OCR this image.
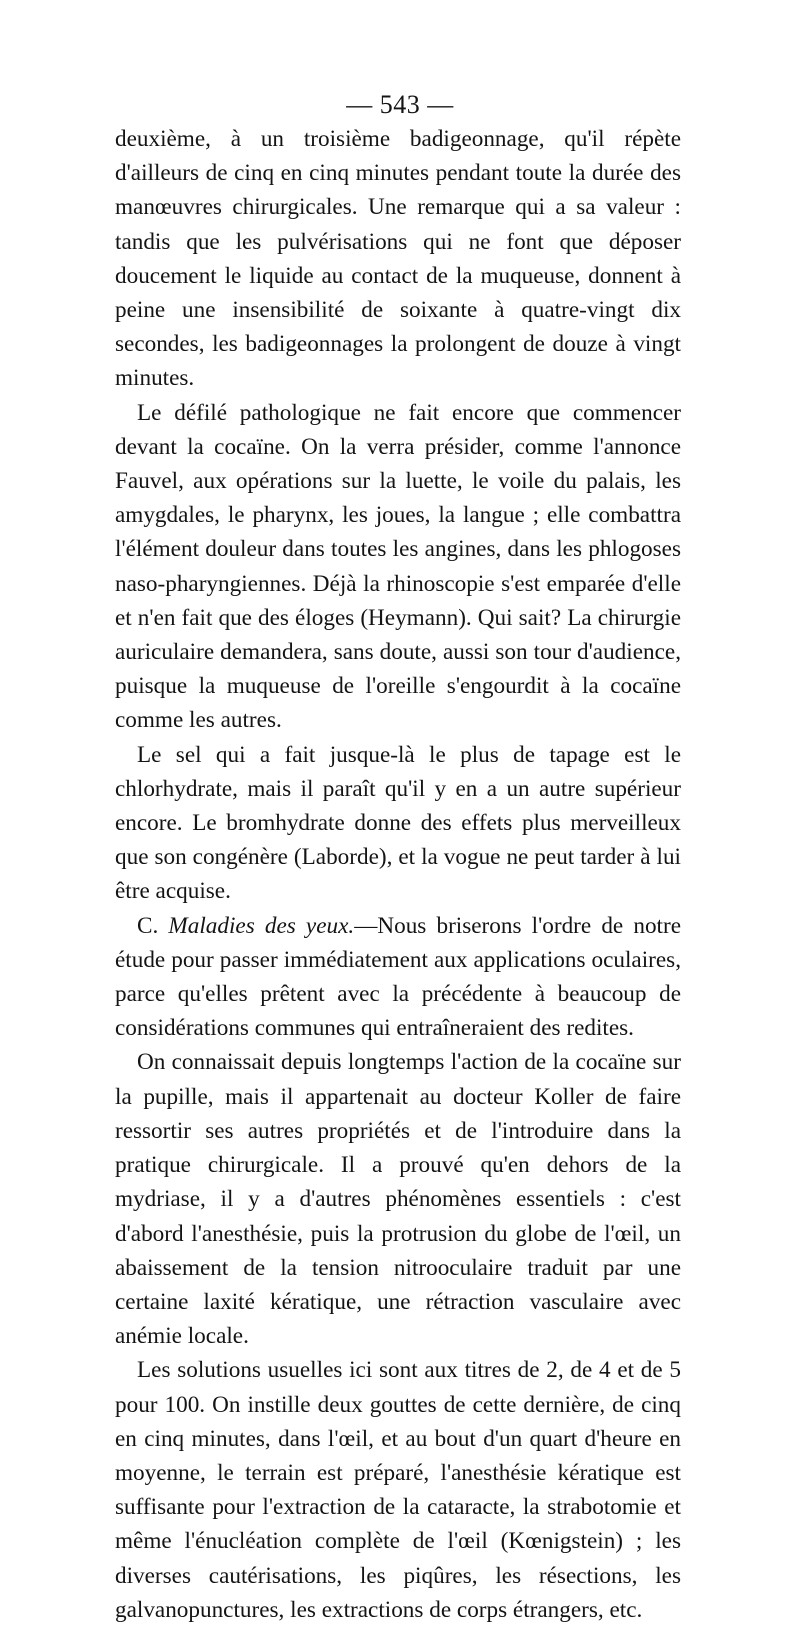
— 543 —

deuxième, à un troisième badigeonnage, qu'il répète d'ailleurs de cinq en cinq minutes pendant toute la durée des manœuvres chirurgicales. Une remarque qui a sa valeur : tandis que les pulvérisations qui ne font que déposer doucement le liquide au contact de la muqueuse, donnent à peine une insensibilité de soixante à quatre-vingt dix secondes, les badigeonnages la prolongent de douze à vingt minutes.

Le défilé pathologique ne fait encore que commencer devant la cocaïne. On la verra présider, comme l'annonce Fauvel, aux opérations sur la luette, le voile du palais, les amygdales, le pharynx, les joues, la langue ; elle combattra l'élément douleur dans toutes les angines, dans les phlogoses naso-pharyngiennes. Déjà la rhinoscopie s'est emparée d'elle et n'en fait que des éloges (Heymann). Qui sait? La chirurgie auriculaire demandera, sans doute, aussi son tour d'audience, puisque la muqueuse de l'oreille s'engourdit à la cocaïne comme les autres.

Le sel qui a fait jusque-là le plus de tapage est le chlorhydrate, mais il paraît qu'il y en a un autre supérieur encore. Le bromhydrate donne des effets plus merveilleux que son congénère (Laborde), et la vogue ne peut tarder à lui être acquise.

C. Maladies des yeux.—Nous briserons l'ordre de notre étude pour passer immédiatement aux applications oculaires, parce qu'elles prêtent avec la précédente à beaucoup de considérations communes qui entraîneraient des redites.

On connaissait depuis longtemps l'action de la cocaïne sur la pupille, mais il appartenait au docteur Koller de faire ressortir ses autres propriétés et de l'introduire dans la pratique chirurgicale. Il a prouvé qu'en dehors de la mydriase, il y a d'autres phénomènes essentiels : c'est d'abord l'anesthésie, puis la protrusion du globe de l'œil, un abaissement de la tension nitrooculaire traduit par une certaine laxité kératique, une rétraction vasculaire avec anémie locale.

Les solutions usuelles ici sont aux titres de 2, de 4 et de 5 pour 100. On instille deux gouttes de cette dernière, de cinq en cinq minutes, dans l'œil, et au bout d'un quart d'heure en moyenne, le terrain est préparé, l'anesthésie kératique est suffisante pour l'extraction de la cataracte, la strabotomie et même l'énucléation complète de l'œil (Kœnigstein) ; les diverses cautérisations, les piqûres, les résections, les galvanopunctures, les extractions de corps étrangers, etc.
